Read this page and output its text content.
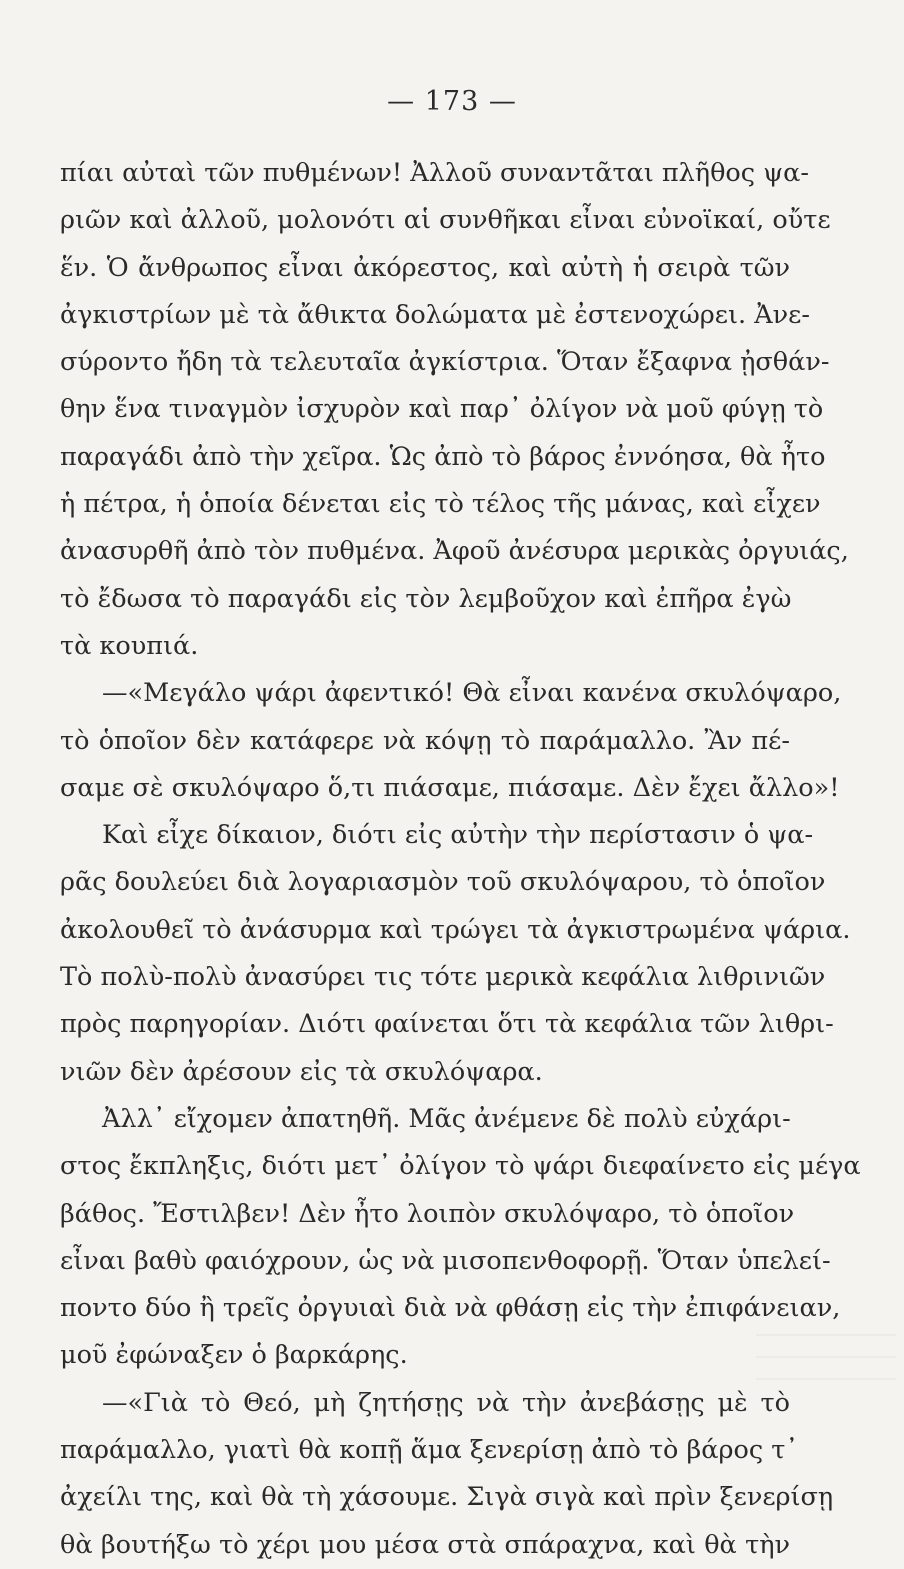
— 173 —
πίαι αὐταὶ τῶν πυθμένων! Ἀλλοῦ συναντᾶται πλῆθος ψα-
ριῶν καὶ ἀλλοῦ, μολονότι αἱ συνθῆκαι εἶναι εὐνοϊκαί, οὔτε
ἕν. Ὁ ἄνθρωπος εἶναι ἀκόρεστος, καὶ αὐτὴ ἡ σειρὰ τῶν
ἀγκιστρίων μὲ τὰ ἄθικτα δολώματα μὲ ἐστενοχώρει. Ἀνε-
σύροντο ἤδη τὰ τελευταῖα ἀγκίστρια. Ὅταν ἔξαφνα ᾐσθάν-
θην ἕνα τιναγμὸν ἰσχυρὸν καὶ παρ᾽ ὀλίγον νὰ μοῦ φύγῃ τὸ
παραγάδι ἀπὸ τὴν χεῖρα. Ὡς ἀπὸ τὸ βάρος ἐννόησα, θὰ ἦτο
ἡ πέτρα, ἡ ὁποία δένεται εἰς τὸ τέλος τῆς μάνας, καὶ εἶχεν
ἀνασυρθῆ ἀπὸ τὸν πυθμένα. Ἀφοῦ ἀνέσυρα μερικὰς ὀργυιάς,
τὸ ἔδωσα τὸ παραγάδι εἰς τὸν λεμβοῦχον καὶ ἐπῆρα ἐγὼ
τὰ κουπιά.
—«Μεγάλο ψάρι ἀφεντικό! Θὰ εἶναι κανένα σκυλόψαρο,
τὸ ὁποῖον δὲν κατάφερε νὰ κόψῃ τὸ παράμαλλο. Ἂν πέ-
σαμε σὲ σκυλόψαρο ὅ,τι πιάσαμε, πιάσαμε. Δὲν ἔχει ἄλλο»!
Καὶ εἶχε δίκαιον, διότι εἰς αὐτὴν τὴν περίστασιν ὁ ψα-
ρᾶς δουλεύει διὰ λογαριασμὸν τοῦ σκυλόψαρου, τὸ ὁποῖον
ἀκολουθεῖ τὸ ἀνάσυρμα καὶ τρώγει τὰ ἀγκιστρωμένα ψάρια.
Τὸ πολὺ-πολὺ ἀνασύρει τις τότε μερικὰ κεφάλια λιθρινιῶν
πρὸς παρηγορίαν. Διότι φαίνεται ὅτι τὰ κεφάλια τῶν λιθρι-
νιῶν δὲν ἀρέσουν εἰς τὰ σκυλόψαρα.
Ἀλλ᾽ εἴχομεν ἀπατηθῆ. Μᾶς ἀνέμενε δὲ πολὺ εὐχάρι-
στος ἔκπληξις, διότι μετ᾽ ὀλίγον τὸ ψάρι διεφαίνετο εἰς μέγα
βάθος. Ἔστιλβεν! Δὲν ἦτο λοιπὸν σκυλόψαρο, τὸ ὁποῖον
εἶναι βαθὺ φαιόχρουν, ὡς νὰ μισοπενθοφορῇ. Ὅταν ὑπελεί-
ποντο δύο ἢ τρεῖς ὀργυιαὶ διὰ νὰ φθάσῃ εἰς τὴν ἐπιφάνειαν,
μοῦ ἐφώναξεν ὁ βαρκάρης.
—«Γιὰ τὸ Θεό, μὴ ζητήσῃς νὰ τὴν ἀνεβάσῃς μὲ τὸ
παράμαλλο, γιατὶ θὰ κοπῇ ἅμα ξενερίσῃ ἀπὸ τὸ βάρος τ᾽
ἀχείλι της, καὶ θὰ τὴ χάσουμε. Σιγὰ σιγὰ καὶ πρὶν ξενερίσῃ
θὰ βουτήξω τὸ χέρι μου μέσα στὰ σπάραχνα, καὶ θὰ τὴν
